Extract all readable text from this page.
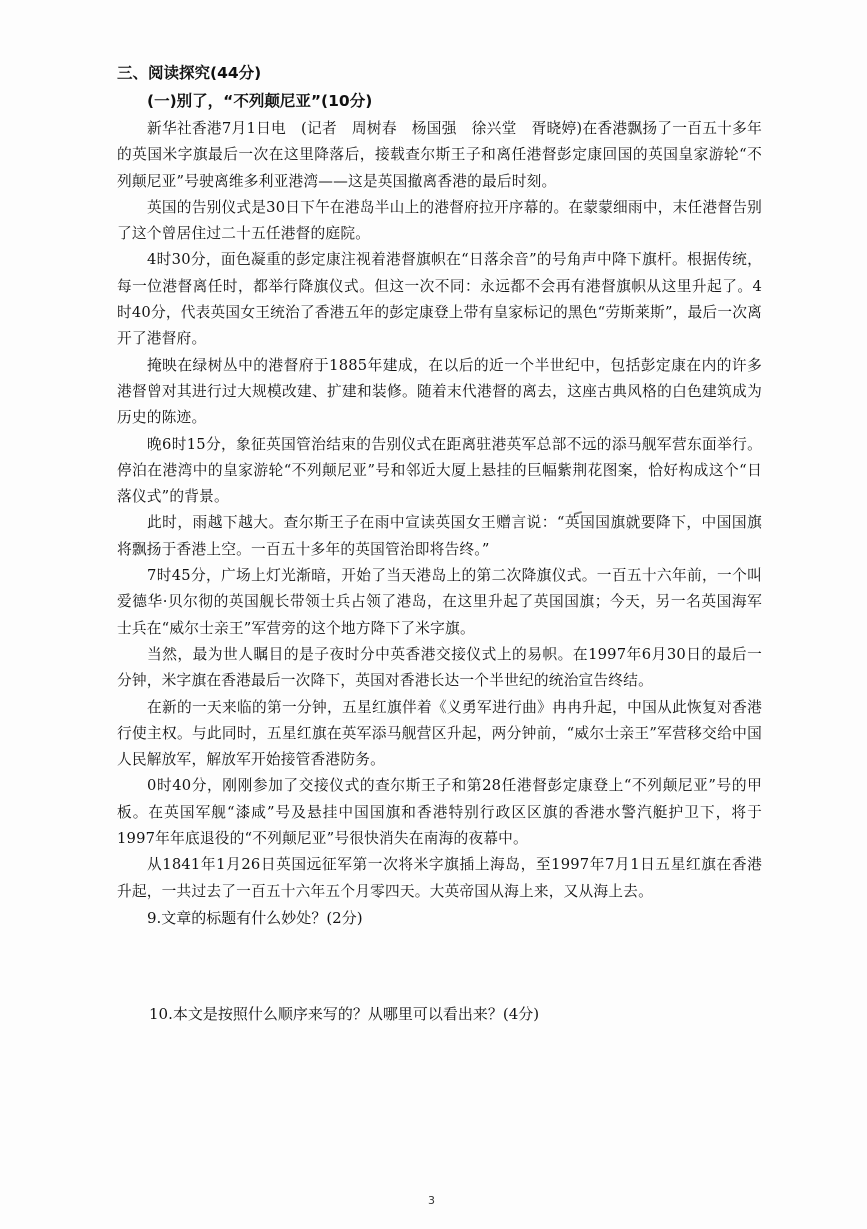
三、阅读探究(44分)
(一)别了，“不列颠尼亚”(10分)

新华社香港7月1日电　(记者　周树春　杨国强　徐兴堂　胥晓婷)在香港飘扬了一百五十多年的英国米字旗最后一次在这里降落后，接载查尔斯王子和离任港督彭定康回国的英国皇家游轮“不列颠尼亚”号驶离维多利亚港湾——这是英国撤离香港的最后时刻。

英国的告别仪式是30日下午在港岛半山上的港督府拉开序幕的。在蒙蒙细雨中，末任港督告别了这个曾居住过二十五任港督的庭院。

4时30分，面色凝重的彭定康注视着港督旗帜在“日落余音”的号角声中降下旗杆。根据传统，每一位港督离任时，都举行降旗仪式。但这一次不同：永远都不会再有港督旗帜从这里升起了。4时40分，代表英国女王统治了香港五年的彭定康登上带有皇家标记的黑色“劳斯莱斯”，最后一次离开了港督府。

掩映在绿树丛中的港督府于1885年建成，在以后的近一个半世纪中，包括彭定康在内的许多港督曾对其进行过大规模改建、扩建和装修。随着末代港督的离去，这座古典风格的白色建筑成为历史的陈迹。

晚6时15分，象征英国管治结束的告别仪式在距离驻港英军总部不远的添马舰军营东面举行。停泊在港湾中的皇家游轮“不列颠尼亚”号和邻近大厦上悬挂的巨幅紫荆花图案，恰好构成这个“日落仪式”的背景。

此时，雨越下越大。查尔斯王子在雨中宣读英国女王赠言说：“英国国旗就要降下，中国国旗将飘扬于香港上空。一百五十多年的英国管治即将告终。”

7时45分，广场上灯光渐暗，开始了当天港岛上的第二次降旗仪式。一百五十六年前，一个叫爱德华·贝尔彻的英国舰长带领士兵占领了港岛，在这里升起了英国国旗；今天，另一名英国海军士兵在“威尔士亲王”军营旁的这个地方降下了米字旗。

当然，最为世人瞩目的是子夜时分中英香港交接仪式上的易帜。在1997年6月30日的最后一分钟，米字旗在香港最后一次降下，英国对香港长达一个半世纪的统治宣告终结。

在新的一天来临的第一分钟，五星红旗伴着《义勇军进行曲》冉冉升起，中国从此恢复对香港行使主权。与此同时，五星红旗在英军添马舰营区升起，两分钟前，“威尔士亲王”军营移交给中国人民解放军，解放军开始接管香港防务。

0时40分，刚刚参加了交接仪式的查尔斯王子和第28任港督彭定康登上“不列颠尼亚”号的甲板。在英国军舰“漆咸”号及悬挂中国国旗和香港特别行政区区旗的香港水警汽艇护卫下，将于1997年年底退役的“不列颠尼亚”号很快消失在南海的夜幕中。

从1841年1月26日英国远征军第一次将米字旗插上海岛，至1997年7月1日五星红旗在香港升起，一共过去了一百五十六年五个月零四天。大英帝国从海上来，又从海上去。

9.文章的标题有什么妙处？(2分)

10.本文是按照什么顺序来写的？从哪里可以看出来？(4分)

3
